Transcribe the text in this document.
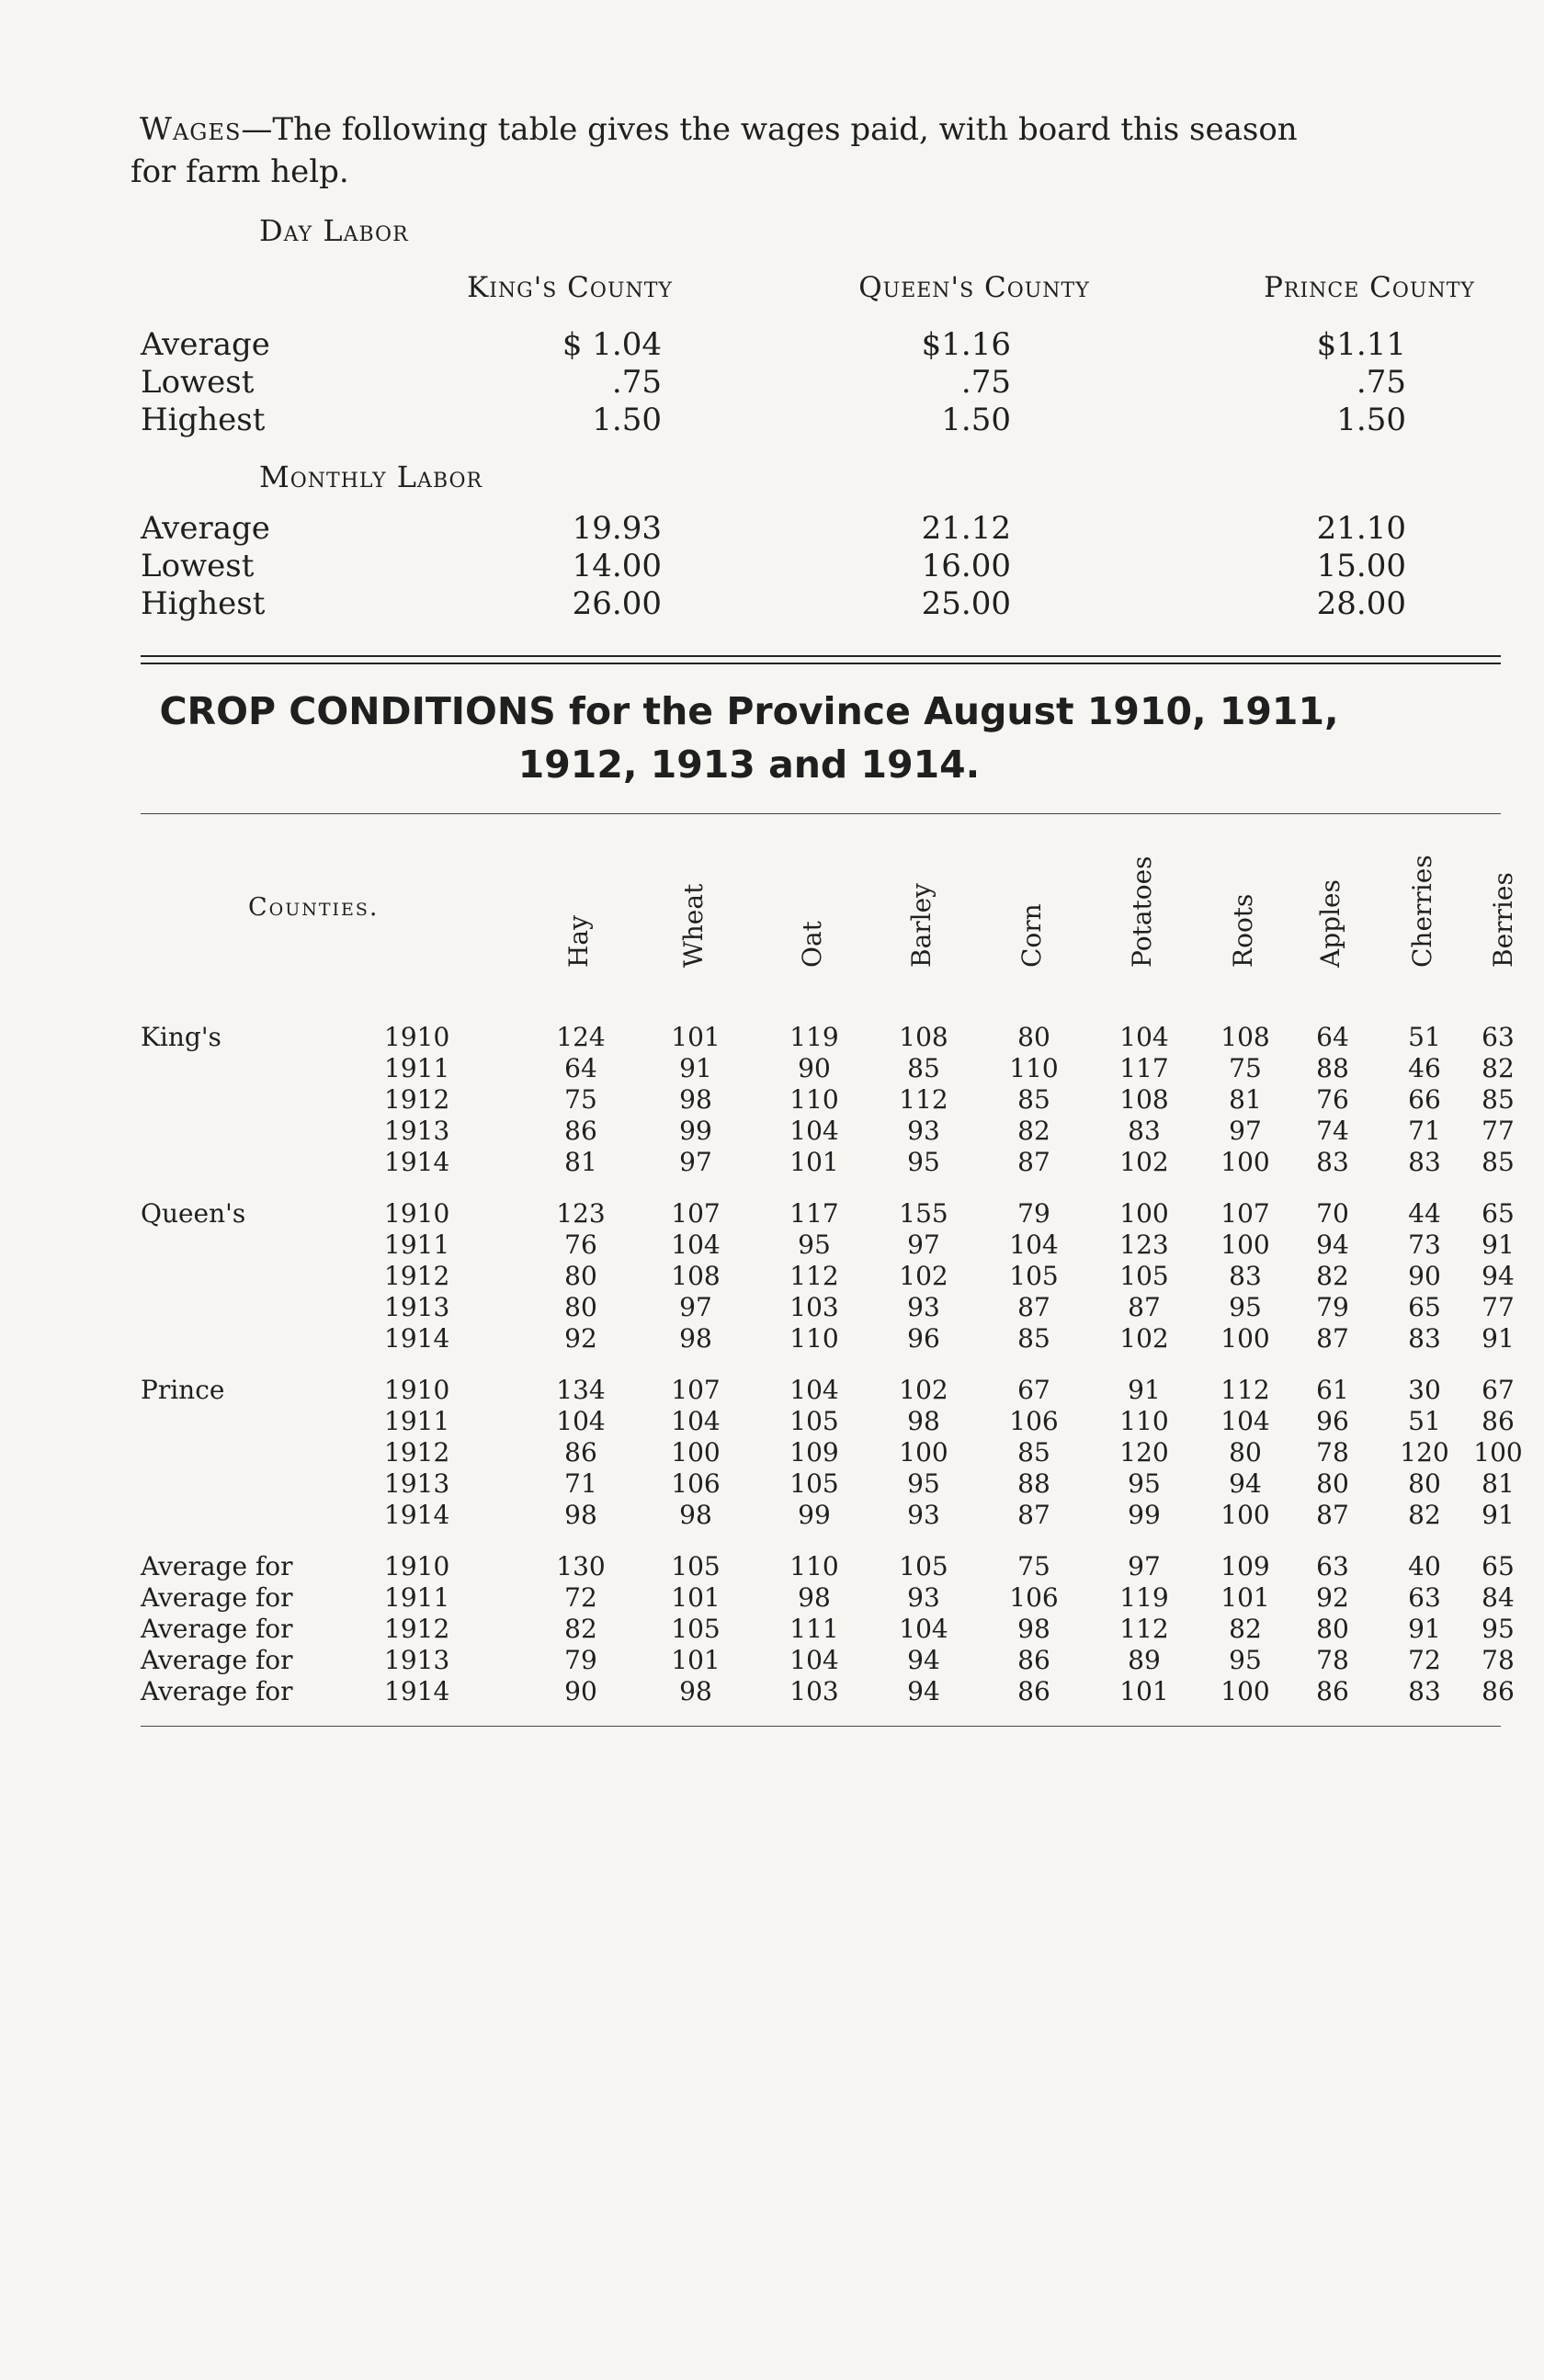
Wages—The following table gives the wages paid, with board this season
for farm help.
Day Labor
King's County	Queen's County	Prince County
Average	$ 1.04	$1.16	$1.11
Lowest	.75	.75	.75
Highest	1.50	1.50	1.50
Monthly Labor
Average	19.93	21.12	21.10
Lowest	14.00	16.00	15.00
Highest	26.00	25.00	28.00
CROP CONDITIONS for the Province August 1910, 1911,
1912, 1913 and 1914.
Counties.
Hay	Wheat	Oat	Barley	Corn	Potatoes	Roots Apples Cherries Berries
King's	1910	124	101	119	108	80	104	108	64	51	63
1911	64	91	90	85	110	117	75	88	46	82
1912	75	98	110	112	85	108	81	76	66	85
1913	86	99	104	93	82	83	97	74	71	77
1914	81	97	101	95	87	102	100	83	83	85
Queen's	1910	123	107	117	155	79	100	107	70	44	65
1911	76	104	95	97	104	123	100	94	73	91
1912	80	108	112	102	105	105	83	82	90	94
1913	80	97	103	93	87	87	95	79	65	77
1914	92	98	110	96	85	102	100	87	83	91
Prince	1910	134	107	104	102	67	91	112	61	30	67
1911	104	104	105	98	106	110	104	96	51	86
1912	86	100	109	100	85	120	80	78	120 100
1913	71	106	105	95	88	95	94	80	80	81
1914	98	98	99	93	87	99	100	87	82	91
Average for	1910	130	105	110	105	75	97	109	63	40	65
Average for	1911	72	101	98	93	106	119	101	92	63	84
Average for	1912	82	105	111	104	98	112	82	80	91	95
Average for	1913	79	101	104	94	86	89	95	78	72	78
Average for	1914	90	98	103	94	86	101	100	86	83	86
